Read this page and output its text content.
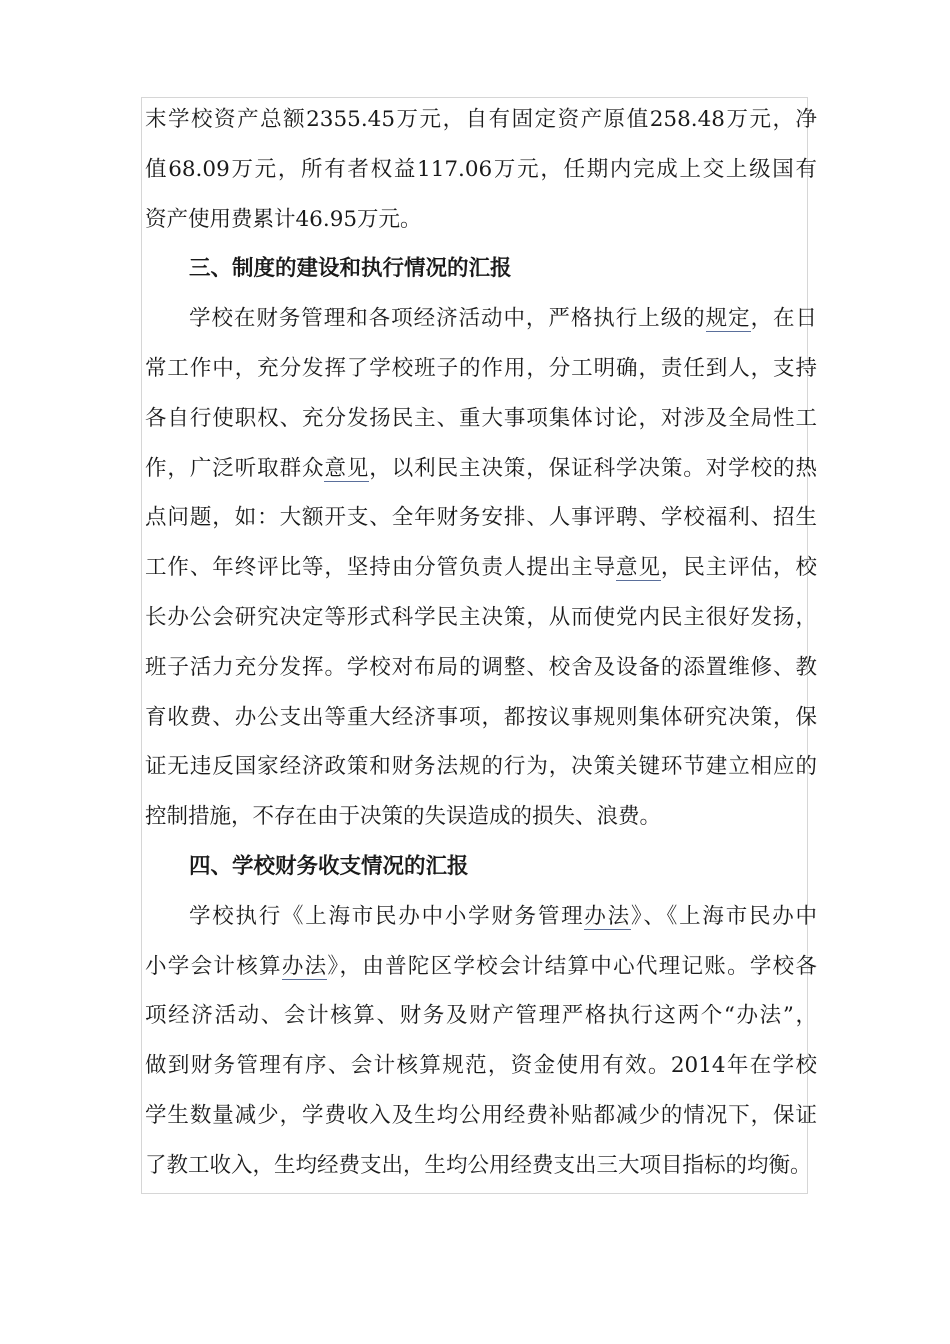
末学校资产总额2355.45万元，自有固定资产原值258.48万元，净
值68.09万元，所有者权益117.06万元，任期内完成上交上级国有
资产使用费累计46.95万元。
三、制度的建设和执行情况的汇报
学校在财务管理和各项经济活动中，严格执行上级的规定，在日
常工作中，充分发挥了学校班子的作用，分工明确，责任到人，支持
各自行使职权、充分发扬民主、重大事项集体讨论，对涉及全局性工
作，广泛听取群众意见，以利民主决策，保证科学决策。对学校的热
点问题，如：大额开支、全年财务安排、人事评聘、学校福利、招生
工作、年终评比等，坚持由分管负责人提出主导意见，民主评估，校
长办公会研究决定等形式科学民主决策，从而使党内民主很好发扬，
班子活力充分发挥。学校对布局的调整、校舍及设备的添置维修、教
育收费、办公支出等重大经济事项，都按议事规则集体研究决策，保
证无违反国家经济政策和财务法规的行为，决策关键环节建立相应的
控制措施，不存在由于决策的失误造成的损失、浪费。
四、学校财务收支情况的汇报
学校执行《上海市民办中小学财务管理办法》、《上海市民办中
小学会计核算办法》，由普陀区学校会计结算中心代理记账。学校各
项经济活动、会计核算、财务及财产管理严格执行这两个“办法”，
做到财务管理有序、会计核算规范，资金使用有效。2014年在学校
学生数量减少，学费收入及生均公用经费补贴都减少的情况下，保证
了教工收入，生均经费支出，生均公用经费支出三大项目指标的均衡。
